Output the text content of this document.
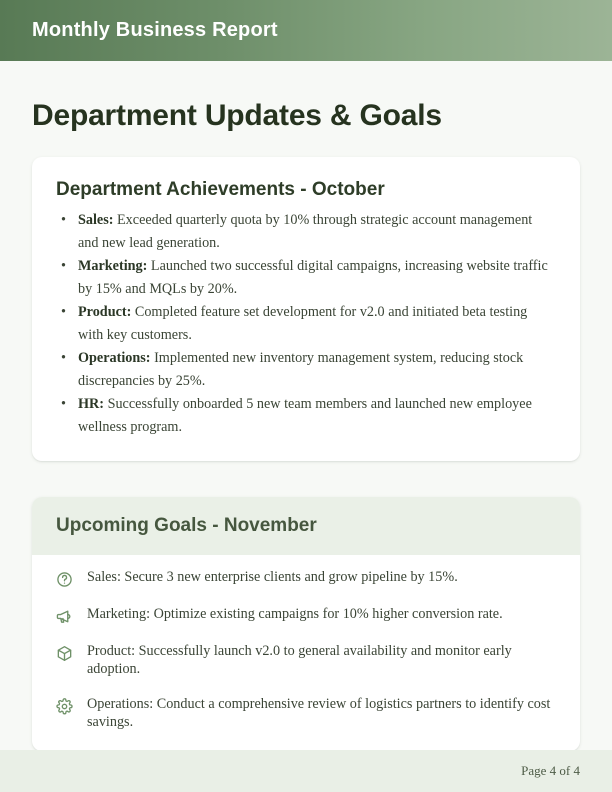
Monthly Business Report
Department Updates & Goals
Department Achievements - October
• Sales: Exceeded quarterly quota by 10% through strategic account management and new lead generation.
• Marketing: Launched two successful digital campaigns, increasing website traffic by 15% and MQLs by 20%.
• Product: Completed feature set development for v2.0 and initiated beta testing with key customers.
• Operations: Implemented new inventory management system, reducing stock discrepancies by 25%.
• HR: Successfully onboarded 5 new team members and launched new employee wellness program.
Upcoming Goals - November
Sales: Secure 3 new enterprise clients and grow pipeline by 15%.
Marketing: Optimize existing campaigns for 10% higher conversion rate.
Product: Successfully launch v2.0 to general availability and monitor early adoption.
Operations: Conduct a comprehensive review of logistics partners to identify cost savings.
Page 4 of 4
